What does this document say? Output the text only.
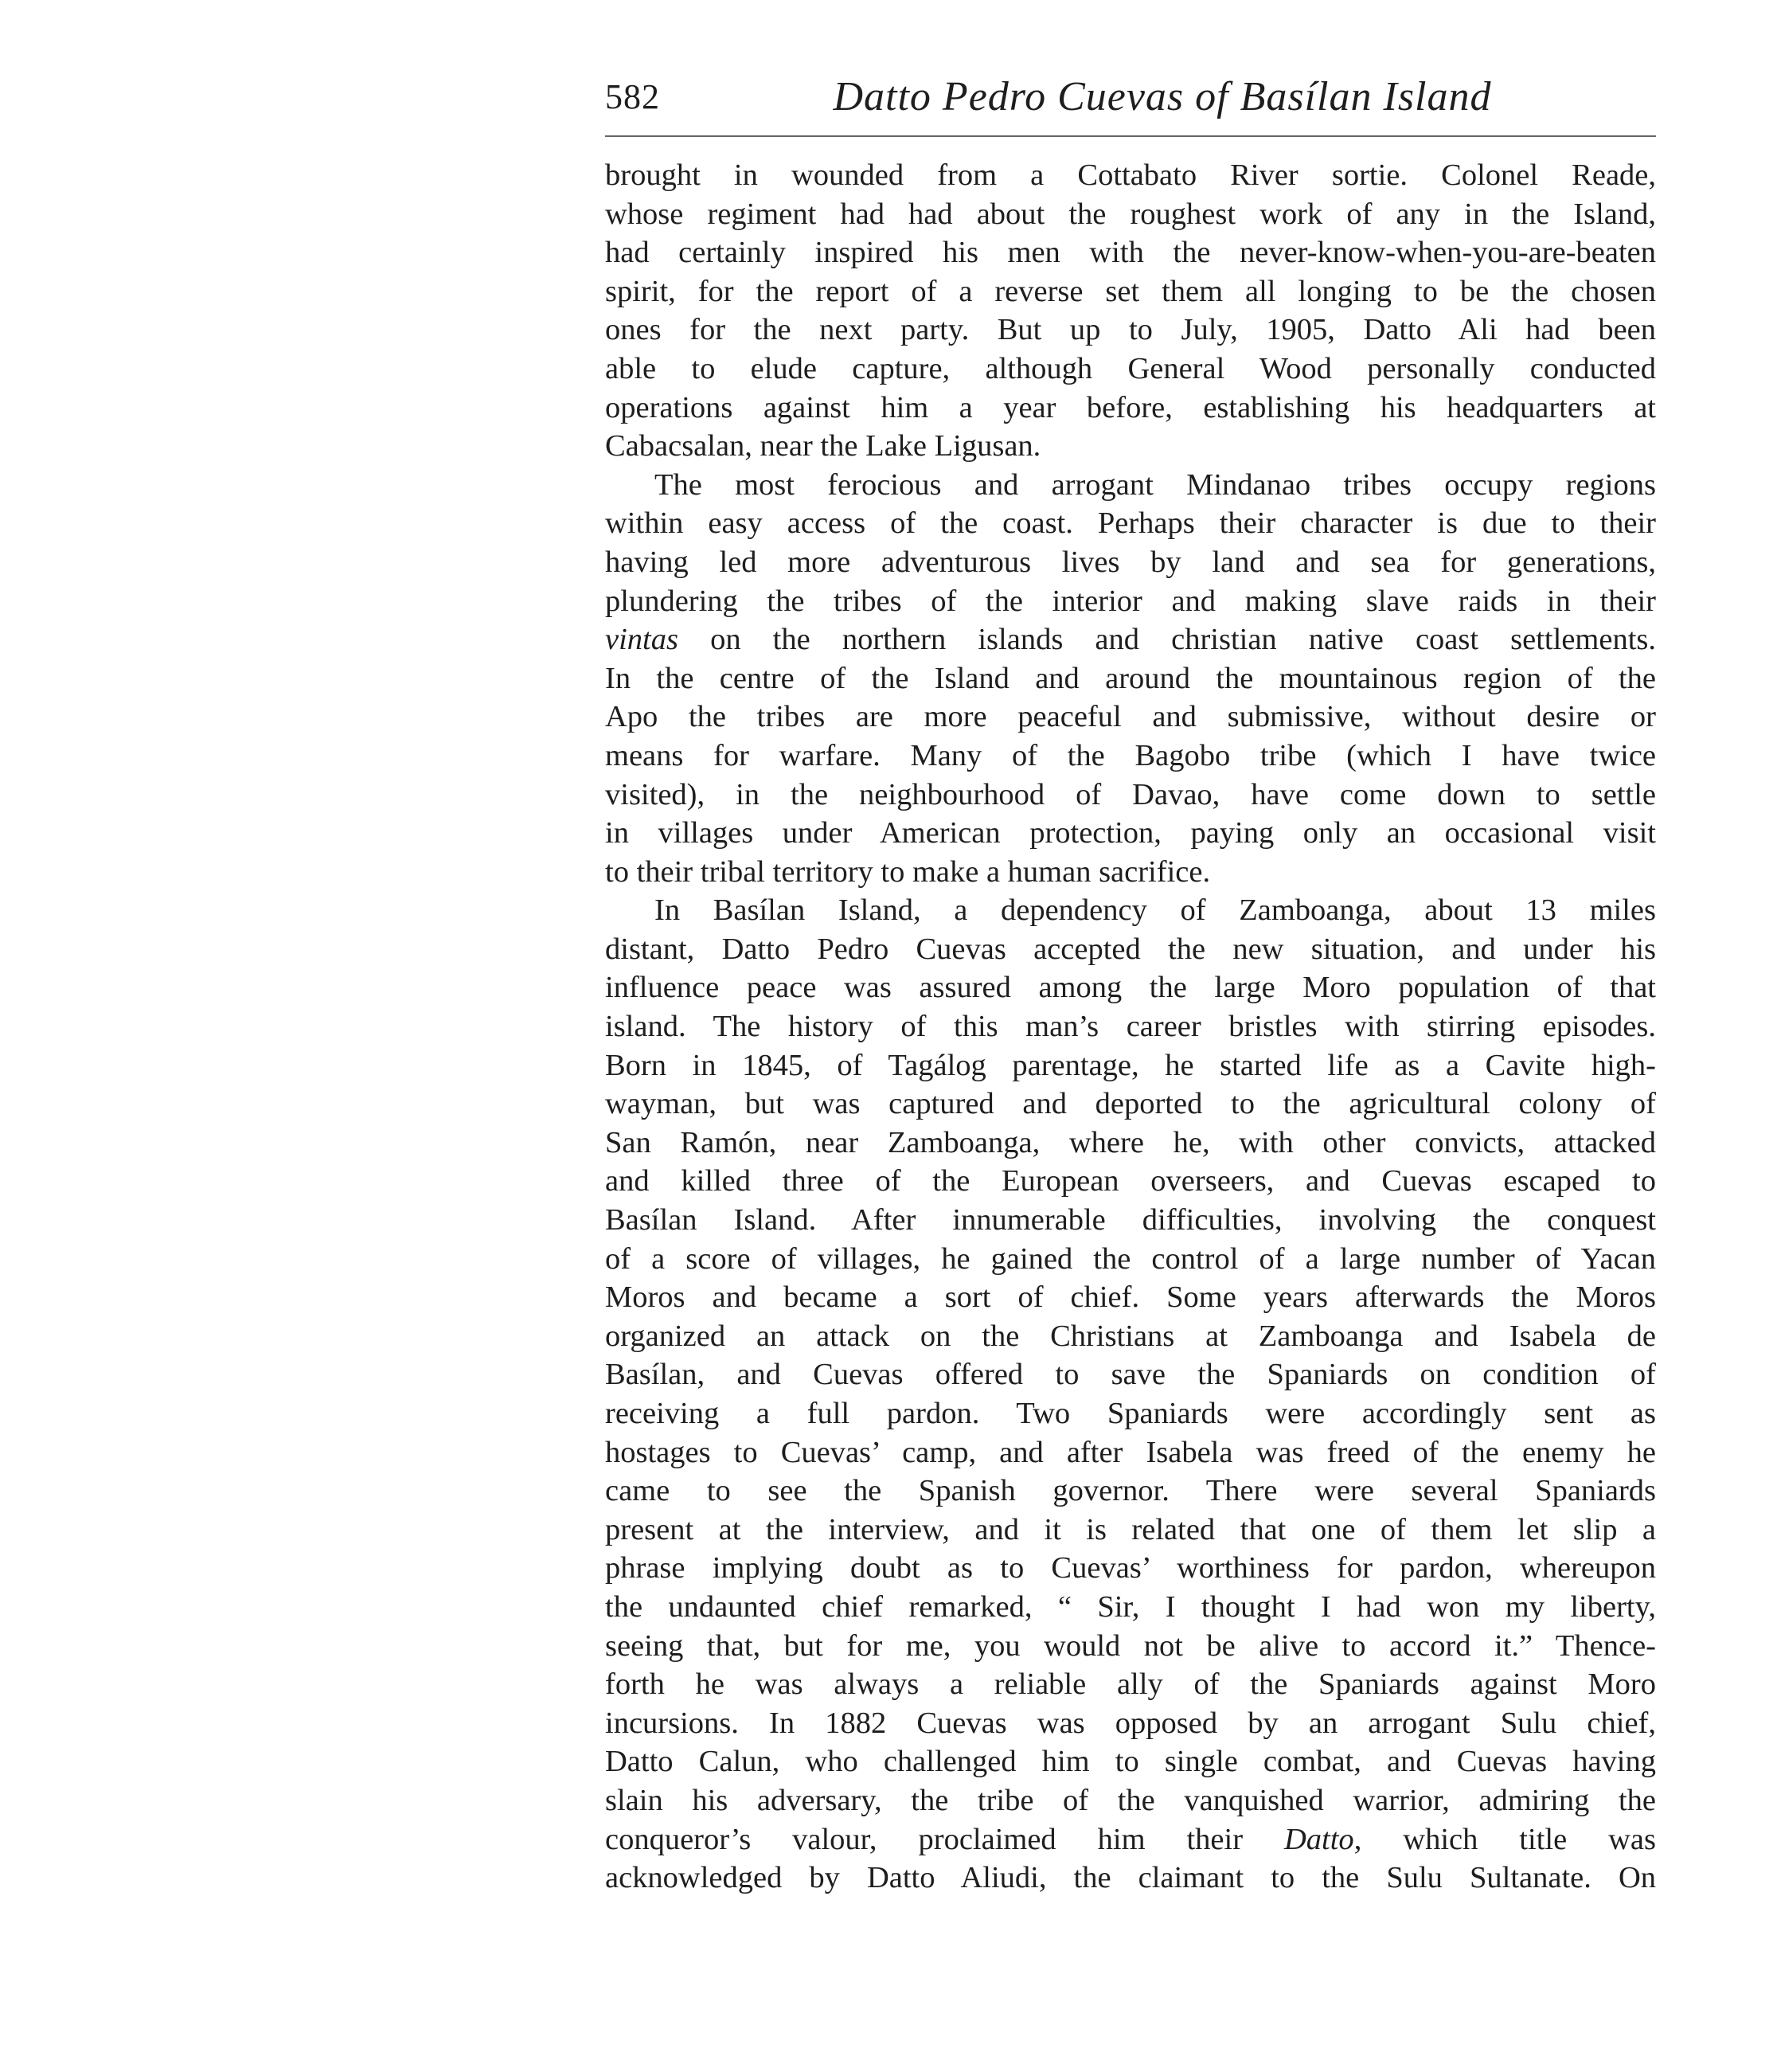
582	Datto Pedro Cuevas of Basílan Island
brought in wounded from a Cottabato River sortie. Colonel Reade,
whose regiment had had about the roughest work of any in the Island,
had certainly inspired his men with the never-know-when-you-are-beaten
spirit, for the report of a reverse set them all longing to be the chosen
ones for the next party. But up to July, 1905, Datto Ali had been
able to elude capture, although General Wood personally conducted
operations against him a year before, establishing his headquarters at
Cabacsalan, near the Lake Ligusan.
The most ferocious and arrogant Mindanao tribes occupy regions
within easy access of the coast. Perhaps their character is due to their
having led more adventurous lives by land and sea for generations,
plundering the tribes of the interior and making slave raids in their
vintas on the northern islands and christian native coast settlements.
In the centre of the Island and around the mountainous region of the
Apo the tribes are more peaceful and submissive, without desire or
means for warfare. Many of the Bagobo tribe (which I have twice
visited), in the neighbourhood of Davao, have come down to settle
in villages under American protection, paying only an occasional visit
to their tribal territory to make a human sacrifice.
In Basílan Island, a dependency of Zamboanga, about 13 miles
distant, Datto Pedro Cuevas accepted the new situation, and under his
influence peace was assured among the large Moro population of that
island. The history of this man’s career bristles with stirring episodes.
Born in 1845, of Tagálog parentage, he started life as a Cavite high-
wayman, but was captured and deported to the agricultural colony of
San Ramón, near Zamboanga, where he, with other convicts, attacked
and killed three of the European overseers, and Cuevas escaped to
Basílan Island. After innumerable difficulties, involving the conquest
of a score of villages, he gained the control of a large number of Yacan
Moros and became a sort of chief. Some years afterwards the Moros
organized an attack on the Christians at Zamboanga and Isabela de
Basílan, and Cuevas offered to save the Spaniards on condition of
receiving a full pardon. Two Spaniards were accordingly sent as
hostages to Cuevas’ camp, and after Isabela was freed of the enemy he
came to see the Spanish governor. There were several Spaniards
present at the interview, and it is related that one of them let slip a
phrase implying doubt as to Cuevas’ worthiness for pardon, whereupon
the undaunted chief remarked, “ Sir, I thought I had won my liberty,
seeing that, but for me, you would not be alive to accord it.” Thence-
forth he was always a reliable ally of the Spaniards against Moro
incursions. In 1882 Cuevas was opposed by an arrogant Sulu chief,
Datto Calun, who challenged him to single combat, and Cuevas having
slain his adversary, the tribe of the vanquished warrior, admiring the
conqueror’s valour, proclaimed him their Datto, which title was
acknowledged by Datto Aliudi, the claimant to the Sulu Sultanate. On
